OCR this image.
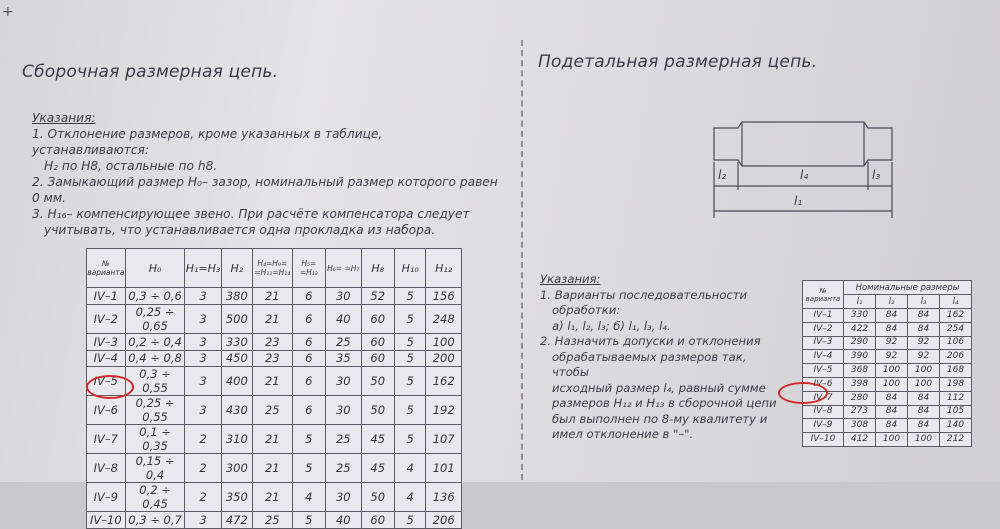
+
Сборочная размерная цепь.
Указания:
1. Отклонение размеров, кроме указанных в таблице, устанавливаются:
H₂ по H8, остальные по h8.
2. Замыкающий размер H₀– зазор, номинальный размер которого равен 0 мм.
3. H₁₆– компенсирующее звено. При расчёте компенсатора следует
учитывать, что устанавливается одна прокладка из набора.
№ варианта	H₀	H₁=H₃	H₂	H₄=H₉= =H₁₁=H₁₄	H₅= =H₁₃	H₆= =H₇	H₈	H₁₀	H₁₂
IV–1	0,3 ÷ 0,6	3	380	21	6	30	52	5	156
IV–2	0,25 ÷ 0,65	3	500	21	6	40	60	5	248
IV–3	0,2 ÷ 0,4	3	330	23	6	25	60	5	100
IV–4	0,4 ÷ 0,8	3	450	23	6	35	60	5	200
IV–5	0,3 ÷ 0,55	3	400	21	6	30	50	5	162
IV–6	0,25 ÷ 0,55	3	430	25	6	30	50	5	192
IV–7	0,1 ÷ 0,35	2	310	21	5	25	45	5	107
IV–8	0,15 ÷ 0,4	2	300	21	5	25	45	4	101
IV–9	0,2 ÷ 0,45	2	350	21	4	30	50	4	136
IV–10	0,3 ÷ 0,7	3	472	25	5	40	60	5	206
Подетальная размерная цепь.
l₂	l₄	l₃
l₁
Указания:
1. Варианты последовательности
обработки:
а) l₁, l₂, l₃; б) l₁, l₃, l₄.
2. Назначить допуски и отклонения
обрабатываемых размеров так, чтобы
исходный размер l₄, равный сумме
размеров H₁₂ и H₁₃ в сборочной цепи
был выполнен по 8-му квалитету и
имел отклонение в "–".
№ варианта	Номинальные размеры			
	l₁	l₂	l₃	l₄
IV–1	330	84	84	162
IV–2	422	84	84	254
IV–3	290	92	92	106
IV–4	390	92	92	206
IV–5	368	100	100	168
IV–6	398	100	100	198
IV–7	280	84	84	112
IV–8	273	84	84	105
IV–9	308	84	84	140
IV–10	412	100	100	212
